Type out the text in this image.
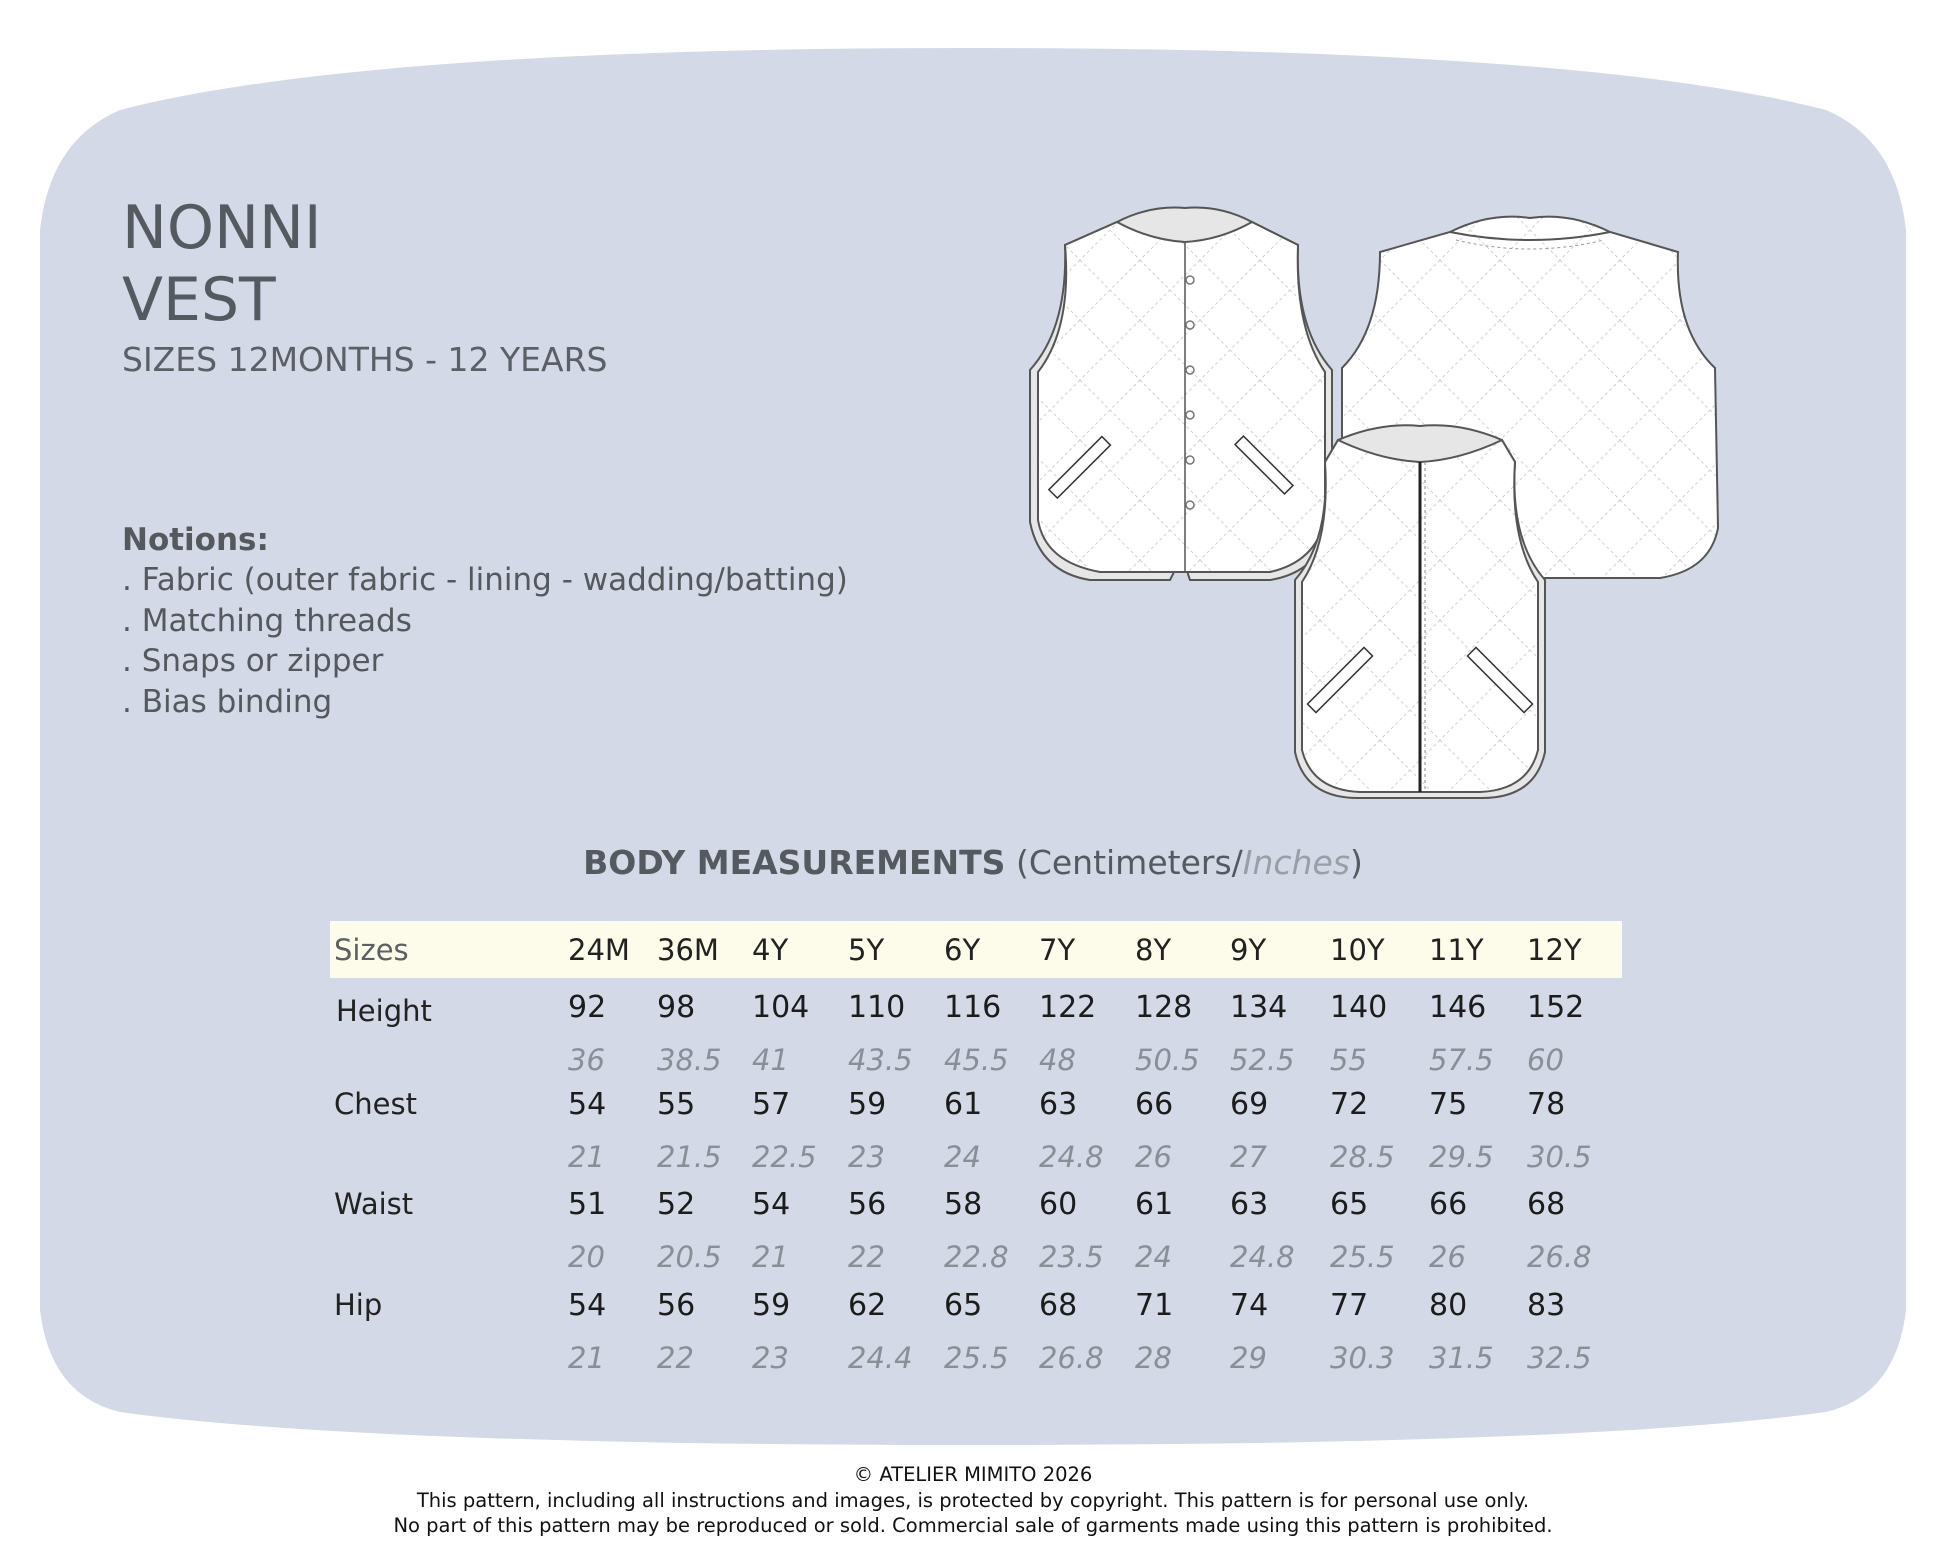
NONNI
VEST
SIZES 12MONTHS - 12 YEARS
Notions:
. Fabric (outer fabric - lining - wadding/batting)
. Matching threads
. Snaps or zipper
. Bias binding
BODY MEASUREMENTS (Centimeters/Inches)
Sizes	24M 36M 4Y 5Y 6Y 7Y 8Y 9Y 10Y 11Y 12Y
Height	92 98 104 110 116 122 128 134 140 146 152
36 38.5 41 43.5 45.5 48 50.5 52.5 55 57.5 60
Chest	54 55 57 59 61 63 66 69 72 75 78
21 21.5 22.5 23 24 24.8 26 27 28.5 29.5 30.5
Waist	51 52 54 56 58 60 61 63 65 66 68
20 20.5 21 22 22.8 23.5 24 24.8 25.5 26 26.8
Hip	54 56 59 62 65 68 71 74 77 80 83
21 22 23 24.4 25.5 26.8 28 29 30.3 31.5 32.5
© ATELIER MIMITO 2026
This pattern, including all instructions and images, is protected by copyright. This pattern is for personal use only.
No part of this pattern may be reproduced or sold. Commercial sale of garments made using this pattern is prohibited.
